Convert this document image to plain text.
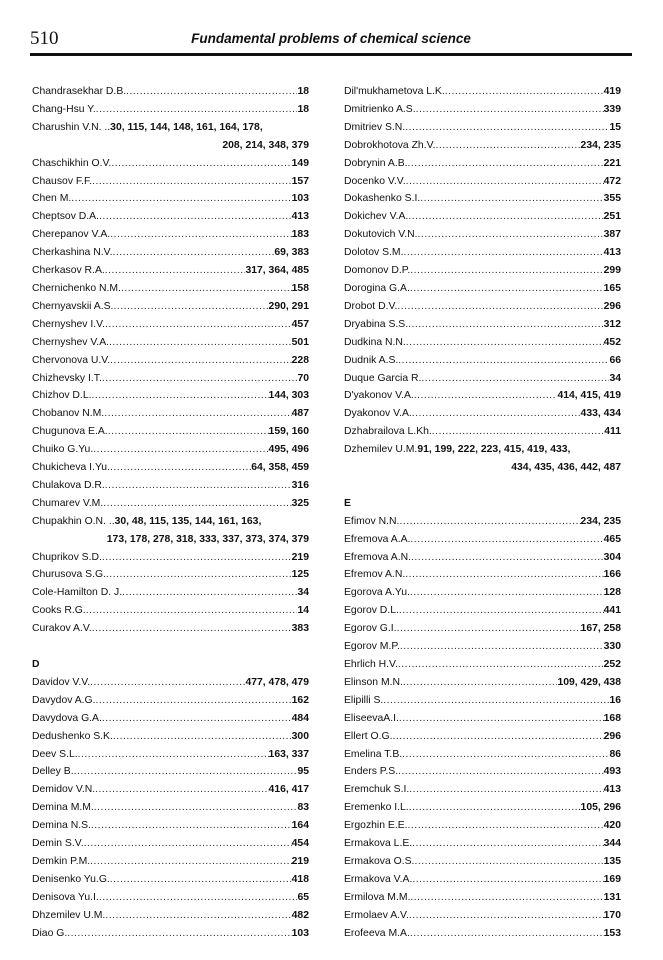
510	Fundamental problems of chemical science
Chandrasekhar D.B. .....	18
Chang-Hsu Y. .....	18
Charushin V.N. ..30, 115, 144, 148, 161, 164, 178,
208, 214, 348, 379
Chaschikhin O.V. .....	149
Chausov F.F. .....	157
Chen M. .....	103
Cheptsov D.A. .....	413
Cherepanov V.A. .....	183
Cherkashina N.V. .....	69, 383
Cherkasov R.A. .....	317, 364, 485
Chernichenko N.M. .....	158
Chernyavskii A.S. .....	290, 291
Chernyshev I.V. .....	457
Chernyshev V.A. .....	501
Chervonova U.V. .....	228
Chizhevsky I.T. .....	70
Chizhov D.L. .....	144, 303
Chobanov N.M. .....	487
Chugunova E.A. .....	159, 160
Chuiko G.Yu. .....	495, 496
Chukicheva I.Yu. .....	64, 358, 459
Chulakova D.R. .....	316
Chumarev V.M. .....	325
Chupakhin O.N. ..30, 48, 115, 135, 144, 161, 163,
173, 178, 278, 318, 333, 337, 373, 374, 379
Chuprikov S.D. .....	219
Churusova S.G. .....	125
Cole-Hamilton D. J. .....	34
Cooks R.G. .....	14
Curakov A.V. .....	383
D
Davidov V.V. .....	477, 478, 479
Davydov A.G. .....	162
Davydova G.A. .....	484
Dedushenko S.K. .....	300
Deev S.L. .....	163, 337
Delley B. .....	95
Demidov V.N. .....	416, 417
Demina M.M. .....	83
Demina N.S. .....	164
Demin S.V. .....	454
Demkin P.M. .....	219
Denisenko Yu.G. .....	418
Denisova Yu.I. .....	65
Dhzemilev U.M. .....	482
Diao G. .....	103
Dil'mukhametova L.K. .....	419
Dmitrienko A.S. .....	339
Dmitriev S.N. .....	15
Dobrokhotova Zh.V. .....	234, 235
Dobrynin A.B. .....	221
Docenko V.V. .....	472
Dokashenko S.I. .....	355
Dokichev V.A. .....	251
Dokutovich V.N. .....	387
Dolotov S.M. .....	413
Domonov D.P. .....	299
Dorogina G.A. .....	165
Drobot D.V. .....	296
Dryabina S.S. .....	312
Dudkina N.N. .....	452
Dudnik A.S. .....	66
Duque Garcia R. .....	34
D'yakonov V.A. .....	414, 415, 419
Dyakonov V.A. .....	433, 434
Dzhabrailova L.Kh. .....	411
Dzhemilev U.M.91, 199, 222, 223, 415, 419, 433,
434, 435, 436, 442, 487
E
Efimov N.N. .....	234, 235
Efremova A.A. .....	465
Efremova A.N. .....	304
Efremov A.N. .....	166
Egorova A.Yu. .....	128
Egorov D.L. .....	441
Egorov G.I. .....	167, 258
Egorov M.P. .....	330
Ehrlich H.V. .....	252
Elinson M.N. .....	109, 429, 438
Elipilli S. .....	16
EliseevaA.I. .....	168
Ellert O.G. .....	296
Emelina T.B. .....	86
Enders P.S. .....	493
Eremchuk S.I. .....	413
Eremenko I.L. .....	105, 296
Ergozhin E.E. .....	420
Ermakova L.E. .....	344
Ermakova O.S. .....	135
Ermakova V.A. .....	169
Ermilova M.M. .....	131
Ermolaev A.V. .....	170
Erofeeva M.A. .....	153
